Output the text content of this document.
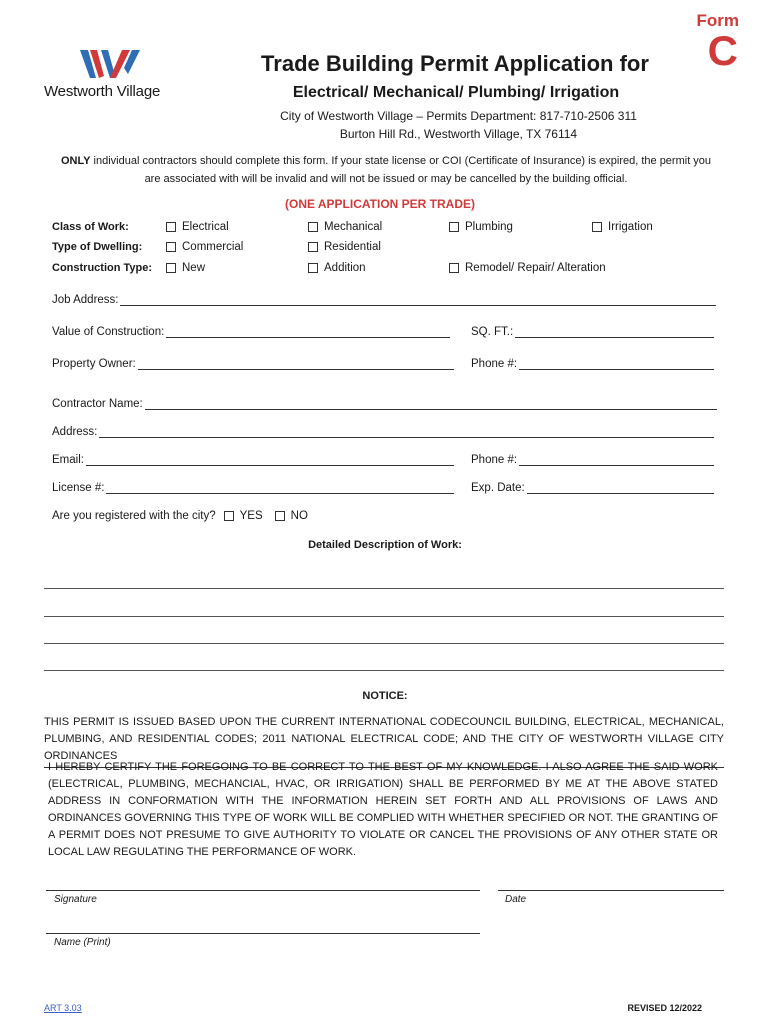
Form
C
Westworth Village
Trade Building Permit Application for
Electrical/ Mechanical/ Plumbing/ Irrigation
City of Westworth Village – Permits Department: 817-710-2506 311
Burton Hill Rd., Westworth Village, TX 76114
ONLY individual contractors should complete this form. If your state license or COI (Certificate of Insurance) is expired, the permit you are associated with will be invalid and will not be issued or may be cancelled by the building official.
(ONE APPLICATION PER TRADE)
Class of Work:	Electrical	Mechanical	Plumbing	Irrigation
Type of Dwelling:	Commercial	Residential
Construction Type:	New	Addition	Remodel/ Repair/ Alteration
Job Address:
Value of Construction:	SQ. FT.:
Property Owner:	Phone #:
Contractor Name:
Address:
Email:	Phone #:
License #:	Exp. Date:
Are you registered with the city? YES NO
Detailed Description of Work:
NOTICE:
THIS PERMIT IS ISSUED BASED UPON THE CURRENT INTERNATIONAL CODECOUNCIL BUILDING, ELECTRICAL, MECHANICAL, PLUMBING, AND RESIDENTIAL CODES; 2011 NATIONAL ELECTRICAL CODE; AND THE CITY OF WESTWORTH VILLAGE CITY ORDINANCES
I HEREBY CERTIFY THE FOREGOING TO BE CORRECT TO THE BEST OF MY KNOWLEDGE. I ALSO AGREE THE SAID WORK (ELECTRICAL, PLUMBING, MECHANCIAL, HVAC, OR IRRIGATION) SHALL BE PERFORMED BY ME AT THE ABOVE STATED ADDRESS IN CONFORMATION WITH THE INFORMATION HEREIN SET FORTH AND ALL PROVISIONS OF LAWS AND ORDINANCES GOVERNING THIS TYPE OF WORK WILL BE COMPLIED WITH WHETHER SPECIFIED OR NOT. THE GRANTING OF A PERMIT DOES NOT PRESUME TO GIVE AUTHORITY TO VIOLATE OR CANCEL THE PROVISIONS OF ANY OTHER STATE OR LOCAL LAW REGULATING THE PERFORMANCE OF WORK.
Signature	Date
Name (Print)
ART 3.03	REVISED 12/2022
